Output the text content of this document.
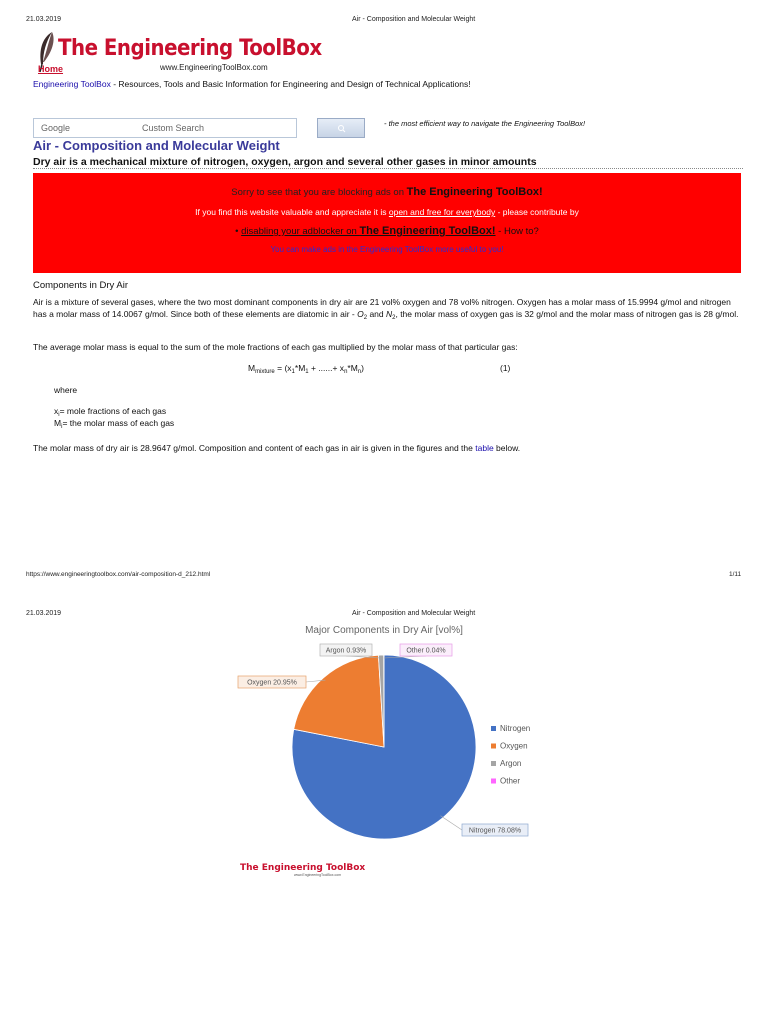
21.03.2019	Air - Composition and Molecular Weight
The Engineering ToolBox
Home	www.EngineeringToolBox.com
Engineering ToolBox - Resources, Tools and Basic Information for Engineering and Design of Technical Applications!
Google	Custom Search	- the most efficient way to navigate the Engineering ToolBox!
Air - Composition and Molecular Weight
Dry air is a mechanical mixture of nitrogen, oxygen, argon and several other gases in minor amounts
Sorry to see that you are blocking ads on The Engineering ToolBox!
If you find this website valuable and appreciate it is open and free for everybody - please contribute by
• disabling your adblocker on The Engineering ToolBox! - How to?
You can make ads in the Engineering ToolBox more useful to you!
Components in Dry Air
Air is a mixture of several gases, where the two most dominant components in dry air are 21 vol% oxygen and 78 vol% nitrogen. Oxygen has a molar mass of 15.9994 g/mol and nitrogen has a molar mass of 14.0067 g/mol. Since both of these elements are diatomic in air - $O_2$ and $N_2$, the molar mass of oxygen gas is 32 g/mol and the molar mass of nitrogen gas is 28 g/mol.
The average molar mass is equal to the sum of the mole fractions of each gas multiplied by the molar mass of that particular gas:
$M_{mixture} = (x_1*M_1$ + ......+ $x_n*M_n$)	(1)
where
$x_i=$ mole fractions of each gas
$M_i=$ the molar mass of each gas
The molar mass of dry air is 28.9647 g/mol. Composition and content of each gas in air is given in the figures and the table below.
https://www.engineeringtoolbox.com/air-composition-d_212.html	1/11
21.03.2019	Air - Composition and Molecular Weight
Major Components in Dry Air [vol%]
Nitrogen 78.08%
Oxygen 20.95%
Argon 0.93%	Other 0.04%
Nitrogen
Oxygen
Argon
Other
The Engineering ToolBox
www.EngineeringToolBox.com
